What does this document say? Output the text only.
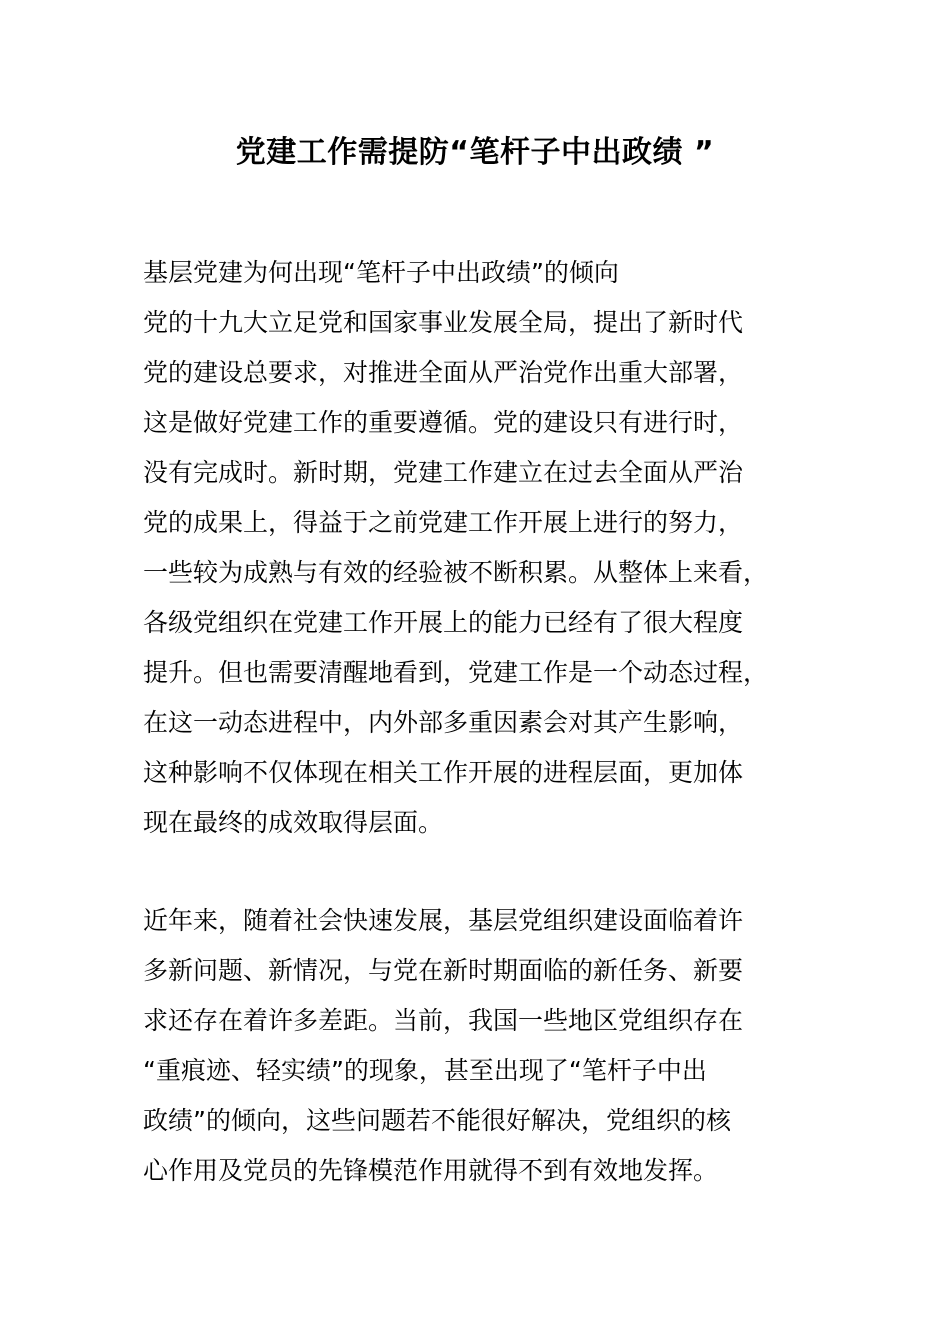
党建工作需提防“笔杆子中出政绩 ”
基层党建为何出现“笔杆子中出政绩”的倾向
党的十九大立足党和国家事业发展全局，提出了新时代
党的建设总要求，对推进全面从严治党作出重大部署，
这是做好党建工作的重要遵循。党的建设只有进行时，
没有完成时。新时期，党建工作建立在过去全面从严治
党的成果上，得益于之前党建工作开展上进行的努力，
一些较为成熟与有效的经验被不断积累。从整体上来看，
各级党组织在党建工作开展上的能力已经有了很大程度
提升。但也需要清醒地看到，党建工作是一个动态过程，
在这一动态进程中，内外部多重因素会对其产生影响，
这种影响不仅体现在相关工作开展的进程层面，更加体
现在最终的成效取得层面。
近年来，随着社会快速发展，基层党组织建设面临着许
多新问题、新情况，与党在新时期面临的新任务、新要
求还存在着许多差距。当前，我国一些地区党组织存在
“重痕迹、轻实绩”的现象，甚至出现了“笔杆子中出
政绩”的倾向，这些问题若不能很好解决，党组织的核
心作用及党员的先锋模范作用就得不到有效地发挥。
